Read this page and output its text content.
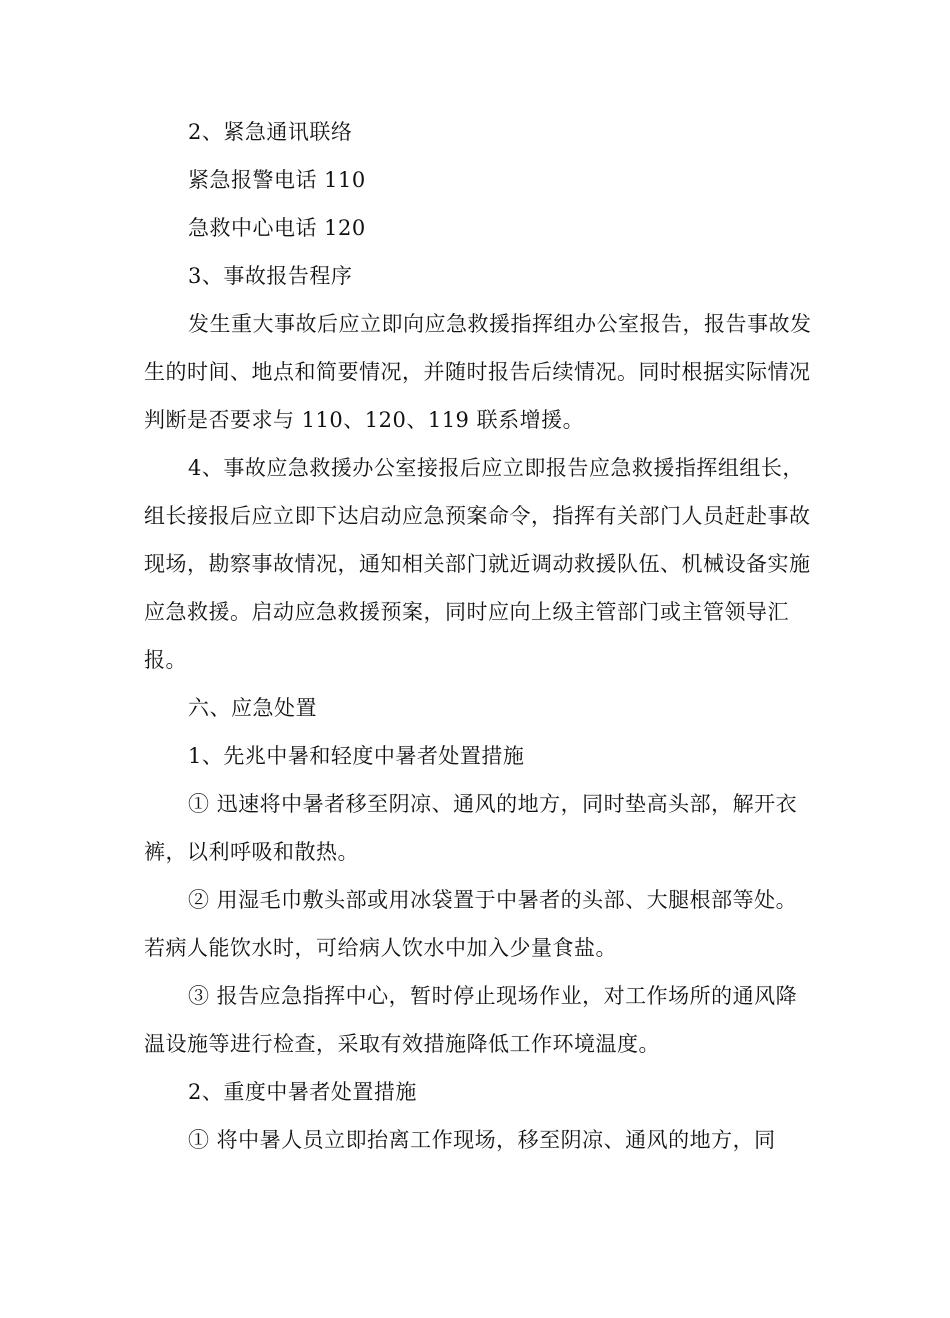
2、紧急通讯联络

紧急报警电话 110

急救中心电话 120

3、事故报告程序

发生重大事故后应立即向应急救援指挥组办公室报告，报告事故发生的时间、地点和简要情况，并随时报告后续情况。同时根据实际情况判断是否要求与 110、120、119 联系增援。

4、事故应急救援办公室接报后应立即报告应急救援指挥组组长，组长接报后应立即下达启动应急预案命令，指挥有关部门人员赶赴事故现场，勘察事故情况，通知相关部门就近调动救援队伍、机械设备实施应急救援。启动应急救援预案，同时应向上级主管部门或主管领导汇报。

六、应急处置

1、先兆中暑和轻度中暑者处置措施

① 迅速将中暑者移至阴凉、通风的地方，同时垫高头部，解开衣裤，以利呼吸和散热。

② 用湿毛巾敷头部或用冰袋置于中暑者的头部、大腿根部等处。若病人能饮水时，可给病人饮水中加入少量食盐。

③ 报告应急指挥中心，暂时停止现场作业，对工作场所的通风降温设施等进行检查，采取有效措施降低工作环境温度。

2、重度中暑者处置措施

① 将中暑人员立即抬离工作现场，移至阴凉、通风的地方，同
